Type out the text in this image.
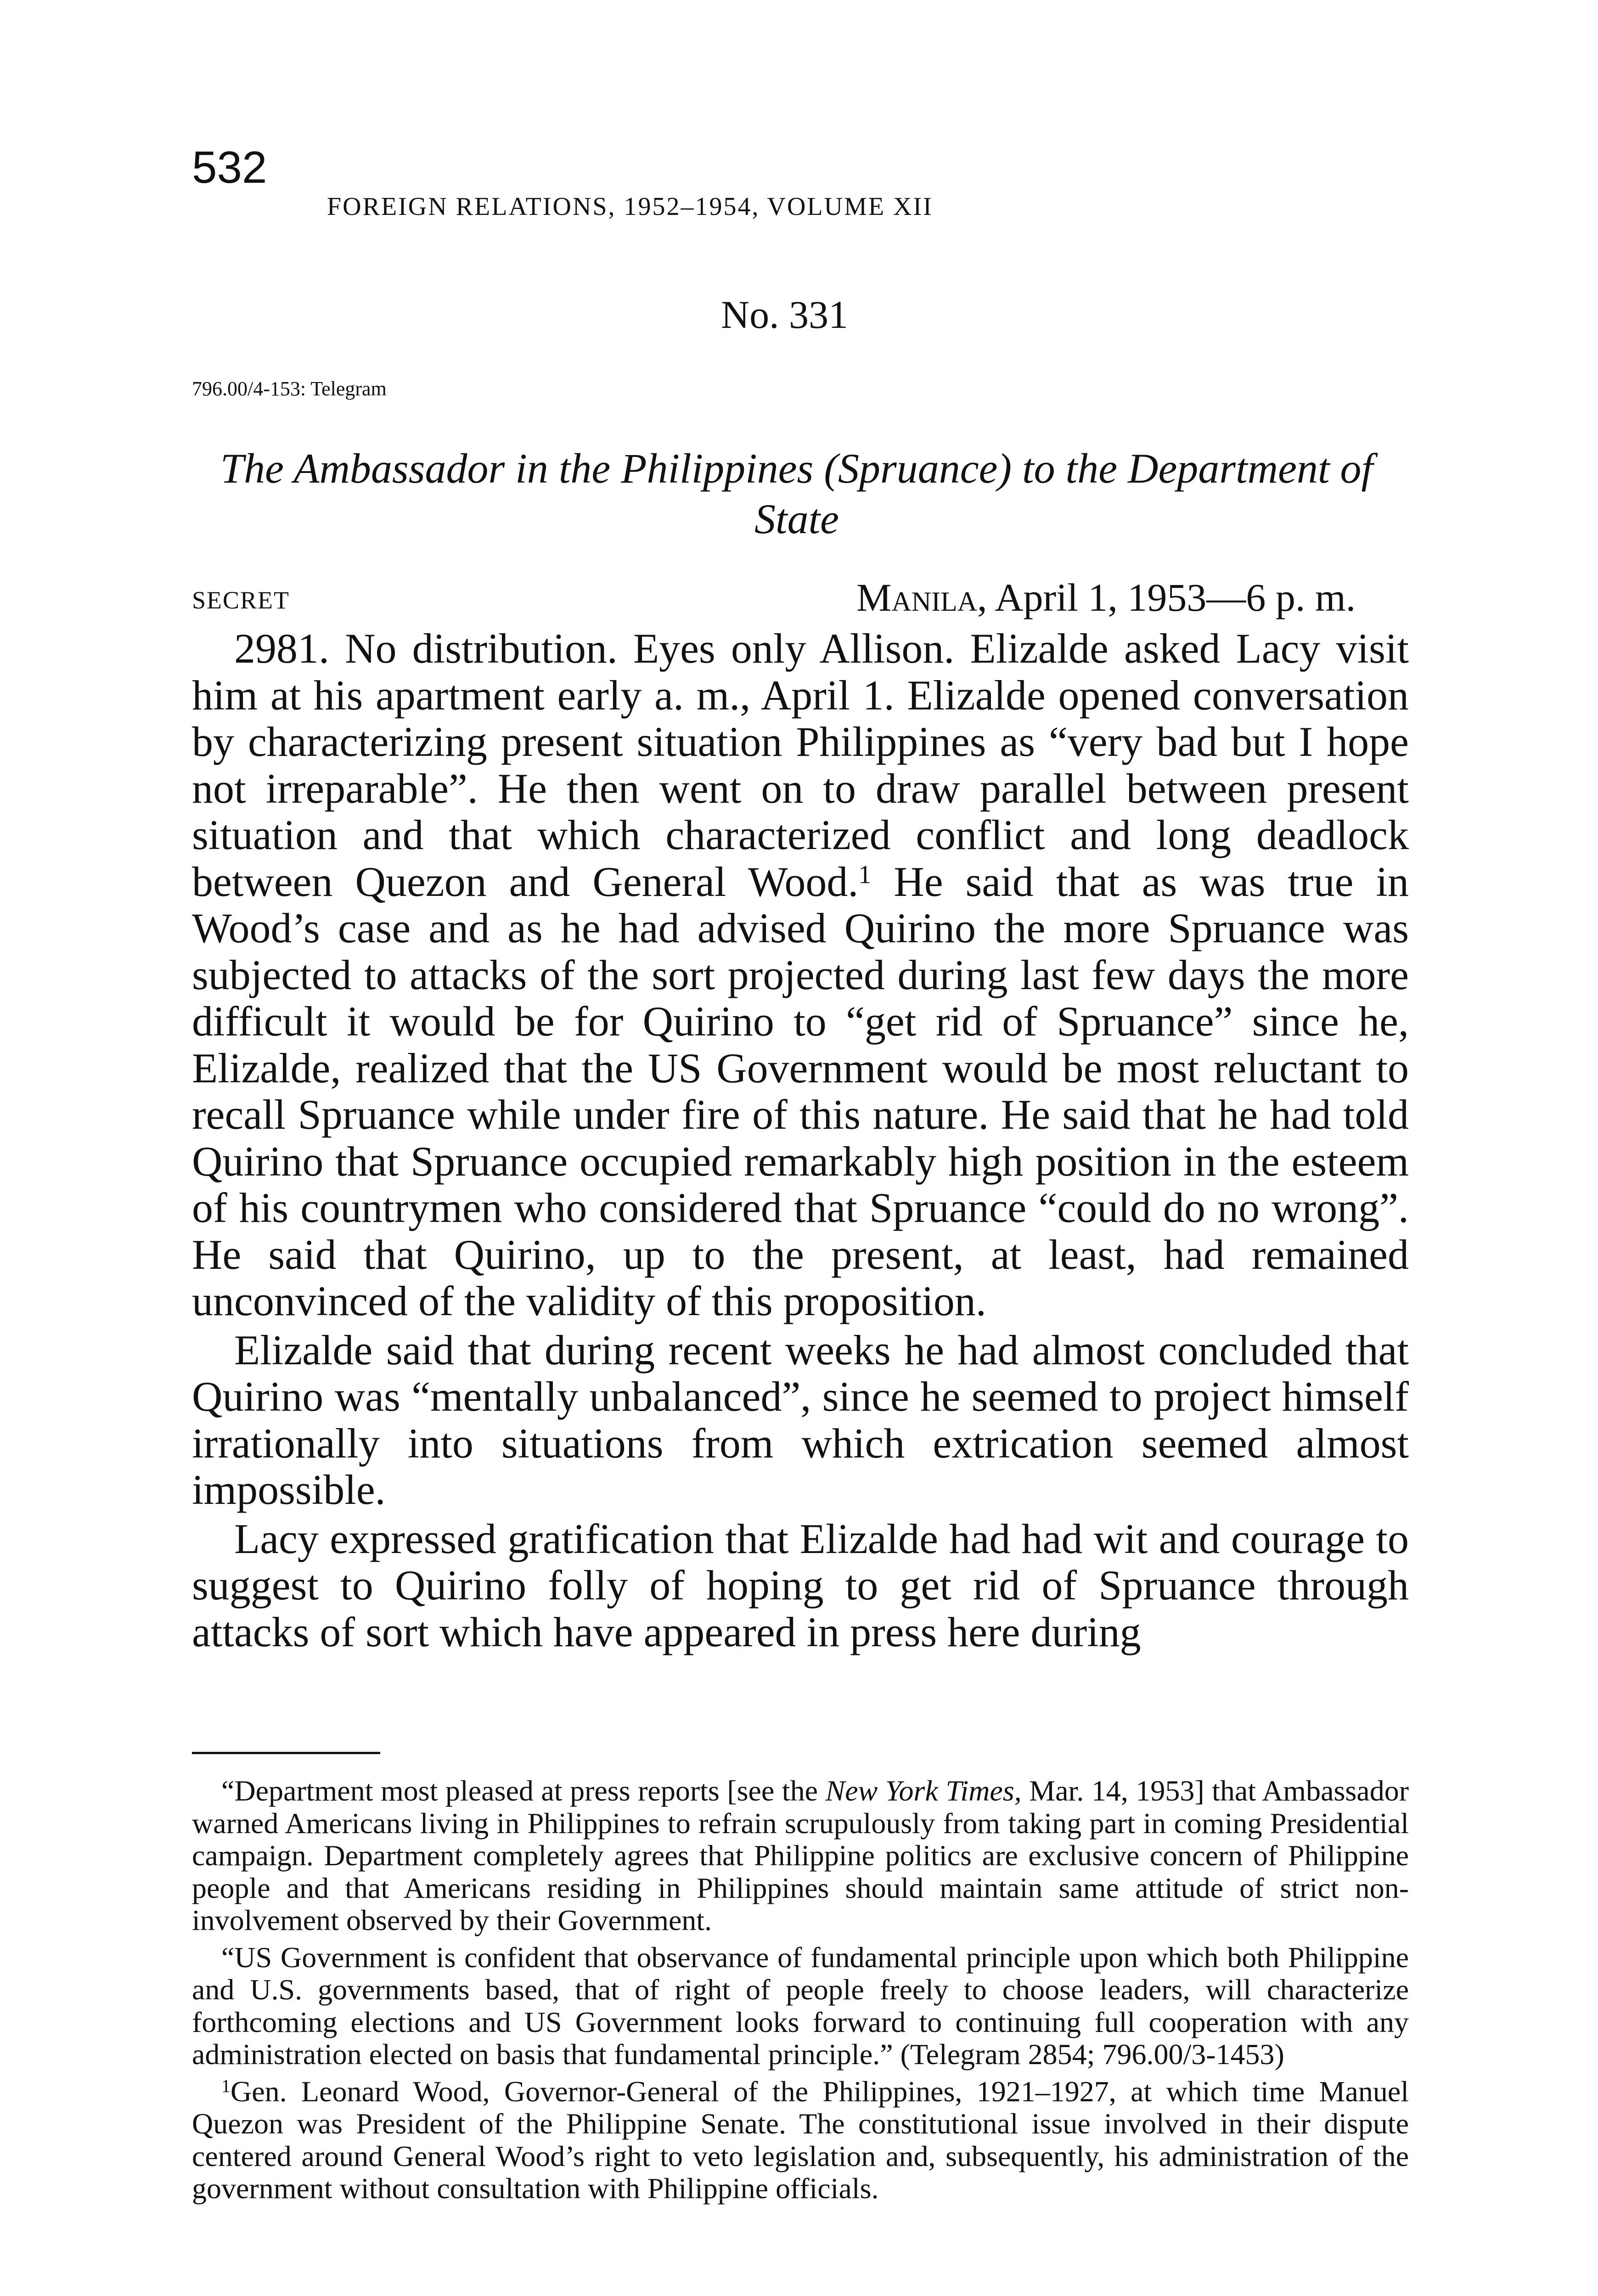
532
FOREIGN RELATIONS, 1952–1954, VOLUME XII
No. 331
796.00/4-153: Telegram
The Ambassador in the Philippines (Spruance) to the Department of State
SECRET	Manila, April 1, 1953—6 p. m.

2981. No distribution. Eyes only Allison. Elizalde asked Lacy visit him at his apartment early a. m., April 1. Elizalde opened conversation by characterizing present situation Philippines as “very bad but I hope not irreparable”. He then went on to draw parallel between present situation and that which characterized conflict and long deadlock between Quezon and General Wood.$^1$ He said that as was true in Wood’s case and as he had advised Quirino the more Spruance was subjected to attacks of the sort projected during last few days the more difficult it would be for Quirino to “get rid of Spruance” since he, Elizalde, realized that the US Government would be most reluctant to recall Spruance while under fire of this nature. He said that he had told Quirino that Spruance occupied remarkably high position in the esteem of his countrymen who considered that Spruance “could do no wrong”. He said that Quirino, up to the present, at least, had remained unconvinced of the validity of this proposition.

Elizalde said that during recent weeks he had almost concluded that Quirino was “mentally unbalanced”, since he seemed to project himself irrationally into situations from which extrication seemed almost impossible.

Lacy expressed gratification that Elizalde had had wit and courage to suggest to Quirino folly of hoping to get rid of Spruance through attacks of sort which have appeared in press here during

“Department most pleased at press reports [see the New York Times, Mar. 14, 1953] that Ambassador warned Americans living in Philippines to refrain scrupulously from taking part in coming Presidential campaign. Department completely agrees that Philippine politics are exclusive concern of Philippine people and that Americans residing in Philippines should maintain same attitude of strict non-involvement observed by their Government.

“US Government is confident that observance of fundamental principle upon which both Philippine and U.S. governments based, that of right of people freely to choose leaders, will characterize forthcoming elections and US Government looks forward to continuing full cooperation with any administration elected on basis that fundamental principle.” (Telegram 2854; 796.00/3-1453)

$^1$Gen. Leonard Wood, Governor-General of the Philippines, 1921–1927, at which time Manuel Quezon was President of the Philippine Senate. The constitutional issue involved in their dispute centered around General Wood’s right to veto legislation and, subsequently, his administration of the government without consultation with Philippine officials.
